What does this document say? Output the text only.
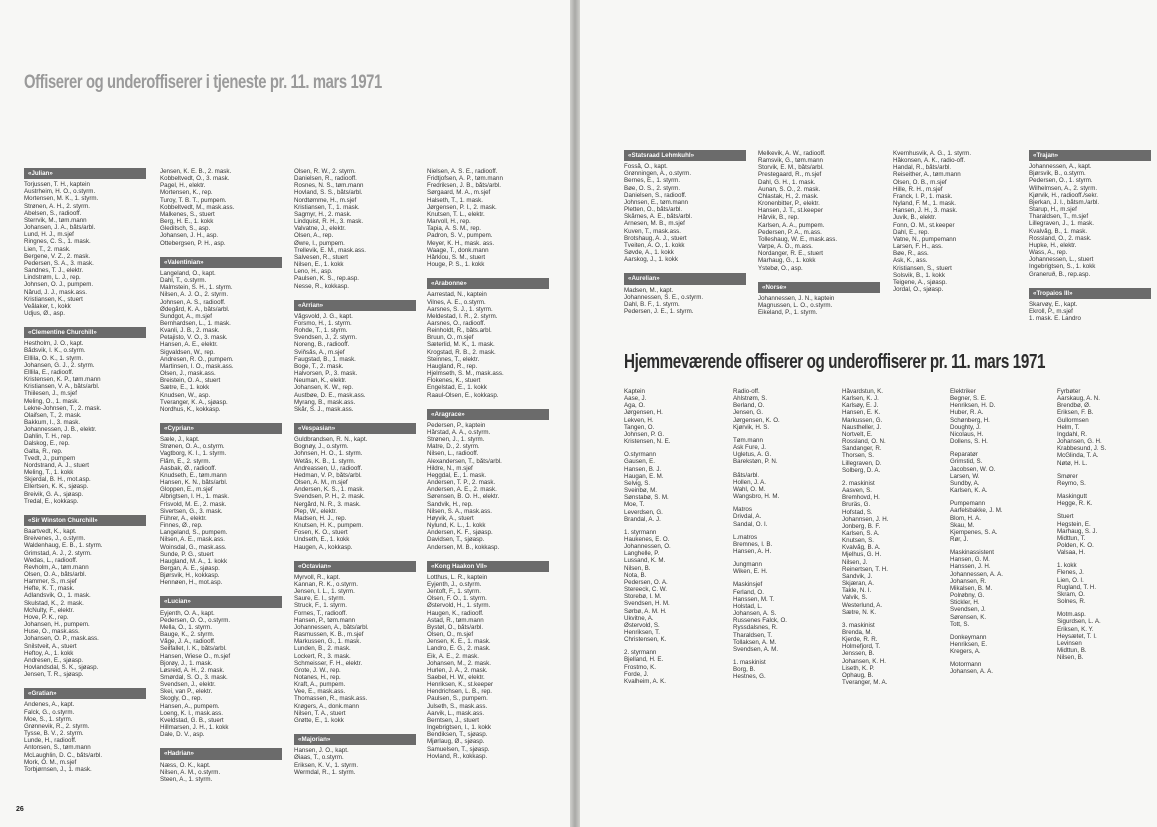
Offiserer og underoffiserer i tjeneste pr. 11. mars 1971
«Julian»
Torjussen, T. H., kaptein
Austrheim, H. O., o.styrm.
Mortensen, M. K., 1. styrm.
Strønen, A. H., 2. styrm.
Abelsen, S., radiooff.
Sterrvik, M., tøm.mann
Johansen, J. A., båts/arbl.
Lund, H. J., m.sjef
Ringnes, C. S., 1. mask.
Lien, T., 2. mask.
Bergene, V. Z., 2. mask.
Pedersen, S. A., 3. mask.
Sandnes, T. J., elektr.
Lindstrøm, L. J., rep.
Johnsen, O. J., pumpem.
Nårud, J. J., mask.ass.
Kristiansen, K., stuert
Veålaker, t., kokk
Udjus, Ø., asp.
«Clementine Churchill»
Hestholm, J. O., kapt.
Bådsvik, I. K., o.styrm.
Elllila, O. K., 1. styrm.
Johansen, G. J., 2. styrm.
Elllila, E., radiooff.
Kristensen, K. P., tøm.mann
Kristiansen, V. A., båts/arbl.
Thiilesen, J., m.sjef
Meling, O., 1. mask.
Lekne-Johnsen, T., 2. mask.
Olaifsen, T., 2. mask.
Bakkum, I., 3. mask.
Johannessen, J. B., elektr.
Dahlin, T. H., rep.
Dalskog, E., rep.
Galta, R., rep.
Tvedt, J., pumpem
Nordstrand, A. J., stuert
Meling, T., 1. kokk
Skjerdal, B. H., mot.asp.
Ellertsen, K. K., sjøasp.
Breivik, G. A., sjøasp.
Tredal, E., kokkasp.
«Sir Winston Churchill»
Baartvedt, K., kapt.
Breivenes, J., o.styrm.
Waldenhaug, E. B., 1. styrm.
Grimstad, A. J., 2. styrm.
Wedas, L., radiooff.
Revholm, A., tøm.mann
Olsen, O. A., båts/arbl.
Hammer, S., m.sjef
Hefte, K. T., mask.
Adlandsvik, O., 1. mask.
Skulstad, K., 2. mask.
McNulty, F., elektr.
Hove, P. K., rep.
Johansen, H., pumpem.
Huse, O., mask.ass.
Johansen, O. P., mask.ass.
Snilstveit, A., stuert
Heftoy, A., 1. kokk
Andresen, E., sjøasp.
Hovlandsdal, S. K., sjøasp.
Jensen, T. R., sjøasp.
«Gratian»
Andenes, A., kapt.
Falck, G., o.styrm.
Moe, S., 1. styrm.
Grønnevik, R., 2. styrm.
Tysse, B. V., 2. styrm.
Lunde, H., radiooff.
Antonsen, S., tøm.mann
McLaughlin, D. C., båts/arbl.
Mork, O. M., m.sjef
Torbjørnsen, J., 1. mask.
Jensen, K. E. B., 2. mask.
Kobbeltvedt, O., 3. mask.
Pagel, H., elektr.
Mortensen, K., rep.
Turoy, T. B. T., pumpem.
Kobbeltvedt, M., mask.ass.
Malkenes, S., stuert
Berg, H. E., 1. kokk
Gleditsch, S., asp.
Johansen, J. H., asp.
Ottebergsen, P. H., asp.
«Valentinian»
Langeland, O., kapt.
Dahl, T., o.styrm.
Malmstein, S. H., 1. styrm.
Nilsen, A. J. O., 2. styrm.
Johnsen, A. S., radiooff.
Ødegård, K. A., båts/arbl.
Sundgot, A., m.sjef
Bernhardsen, L., 1. mask.
Kvanli, J. B., 2. mask.
Petajisto, V. O., 3. mask.
Hansen, A. E., elektr.
Sigvaldsen, W., rep.
Andresen, R. O., pumpem.
Martinsen, I. O., mask.ass.
Olsen, J., mask.ass.
Breistein, O. A., stuert
Sætre, E., 1. kokk
Knudsen, W., asp.
Tveranger, K. A., sjøasp.
Nordhus, K., kokkasp.
«Cyprian»
Sæle, J., kapt.
Strønen, O. A., o.styrm.
Vagtborg, K. I., 1. styrm.
Flåm, E., 2. styrm.
Aasbak, Ø., radiooff.
Knudseth, E., tøm.mann
Hansen, K. N., båts/arbl.
Gloppen, E., m.sjef
Albrigtsen, I. H., 1. mask.
Frisvold, M. E., 2. mask.
Sivertsen, G., 3. mask.
Führer, A., elektr.
Finnes, Ø., rep.
Langeland, S., pumpem.
Nilsen, A. E., mask.ass.
Woinsdal, G., mask.ass.
Sunde, P. G., stuert
Haugland, M. A., 1. kokk
Bergan, A. E., sjøasp.
Bjørsvik, H., kokkasp.
Hennøen, H., mot.asp.
«Lucian»
Eyjenth, O. A., kapt.
Pedersen, O. O., o.styrm.
Mella, O., 1. styrm.
Bauge, K., 2. styrm.
Våge, J. A., radiooff.
Seilfallet, I. K., båts/arbl.
Hansen, Wiese O., m.sjef
Bjorøy, J., 1. mask.
Løsreid, A. H., 2. mask.
Smørdal, S. O., 3. mask.
Svendsen, J., elektr.
Skei, van P., elektr.
Skogly, O., rep.
Hansen, A., pumpem.
Loeng, K. I., mask.ass.
Kveldstad, G. B., stuert
Hillmarsen, J. H., 1. kokk
Dale, D. V., asp.
«Hadrian»
Næss, O. K., kapt.
Nilsen, A. M., o.styrm.
Steen, A., 1. styrm.
Olsen, R. W., 2. styrm.
Danielsen, R., radiooff.
Rosnes, N. S., tøm.mann
Hovland, S. S., båts/arbl.
Nordtømme, H., m.sjef
Kristiansen, T., 1. mask.
Sagmyr, H., 2. mask.
Lindquist, R. H., 3. mask.
Valvatne, J., elektr.
Olsen, A., rep.
Øwre, I., pumpem.
Trellevik, E. M., mask.ass.
Salvesen, R., stuert
Nilsen, E., 1. kokk
Leno, H., asp.
Paulsen, K. S., rep.asp.
Nesse, R., kokkasp.
«Arrian»
Vågsvold, J. G., kapt.
Forsmo, H., 1. styrm.
Rohde, T., 1. styrm.
Svendsen, J., 2. styrm.
Noreng, B., radiooff.
Sviňsås, A., m.sjef
Faugstad, B., 1. mask.
Boge, T., 2. mask.
Halvorsen, P., 3. mask.
Neuman, K., elektr.
Johansen, K. W., rep.
Austbøe, D. E., mask.ass.
Myrang, B., mask.ass.
Skår, S. J., mask.ass.
«Vespasian»
Guldbrandsen, R. N., kapt.
Bognøy, J., o.styrm.
Johnsen, H. O., 1. styrm.
Wetås, K. B., 1. styrm.
Andreassen, U., radiooff.
Hedman, V. P., båts/arbl.
Olsen, A. M., m.sjef
Andersen, K. S., 1. mask.
Svendsen, P. H., 2. mask.
Nergård, N. R., 3. mask.
Plep, W., elektr.
Madsen, H. J., rep.
Knutsen, H. K., pumpem.
Fosen, K. O., stuert
Undseth, E., 1. kokk
Haugen, A., kokkasp.
«Octavian»
Myrvoll, R., kapt.
Kannan, R. K., o.styrm.
Jensen, I. L., 1. styrm.
Saure, E. I., styrm.
Struck, F., 1. styrm.
Fornes, T., radiooff.
Hansen, P., tøm.mann
Johannessen, A., båts/arbl.
Rasmussen, K. B., m.sjef
Markussen, G., 1. mask.
Lunden, B., 2. mask.
Lockert, R., 3. mask.
Schmeisser, F. H., elektr.
Grote, J. W., rep.
Notanes, H., rep.
Kraft, A., pumpem.
Vee, E., mask.ass.
Thomassen, R., mask.ass.
Krøgers, A., donk.mann
Nilsen, T. A., stuert
Grøtte, E., 1. kokk
«Majorian»
Hansen, J. O., kapt.
Øiaas, T., o.styrm.
Eriksen, K. V., 1. styrm.
Wermdal, R., 1. styrm.
Nielsen, A. S. E., radiooff.
Fridtjofsen, A. P., tøm.mann
Fredriksen, J. B., båts/arbl.
Sørgaard, M. A., m.sjef
Halseth, T., 1. mask.
Jørgensen, P. I., 2. mask.
Knutsen, T. L., elektr.
Marvoll, H., rep.
Tapia, A. S. M., rep.
Padron, S. V., pumpem.
Meyer, K. H., mask. ass.
Waage, T., donk.mann
Hårklou, S. M., stuert
Houge, P. S., 1. kokk
«Arabonne»
Aarrestad, N., kaptein
Vilnes, A. E., o.styrm.
Aarsnes, S. J., 1. styrm.
Meldestad, I. R., 2. styrm.
Aarsnes, O., radiooff.
Reinholdt, R., båts.arbl.
Bruun, O., m.sjef
Sæterlid, M. K., 1. mask.
Krogstad, R. B., 2. mask.
Steinnes, T., elektr.
Haugland, R., rep.
Hjelmseth, S. M., mask.ass.
Flokenes, K., stuert
Engelstad, E., 1. kokk
Raaul-Olsen, E., kokkasp.
«Aragrace»
Pedersen, P., kaptein
Hårstad, A. A., o.styrm.
Strønen, J., 1. styrm.
Matre, D., 2. styrm.
Nilsen, L., radiooff.
Alexandersen, T., båts/arbl.
Hildre, N., m.sjef
Heggdal, E., 1. mask.
Andersen, T. P., 2. mask.
Andersen, A. E., 2. mask.
Sørensen, B. O. H., elektr.
Sandvik, H., rep.
Nilsen, S. A., mask.ass.
Høyvik, A., stuert
Nylund, K. L., 1. kokk
Andersen, K. F., sjøasp.
Davidsen, T., sjøasp.
Andersen, M. B., kokkasp.
«Kong Haakon VII»
Lotthus, L. R., kaptein
Eyjenth, J., o.styrm.
Jentoft, F., 1. styrm.
Olsen, F. O., 1. styrm.
Østervold, H., 1. styrm.
Haugen, K., radiooff.
Astad, R., tøm.mann
Bystøl, O., båts/arbl.
Olsen, O., m.sjef
Jensen, K. E., 1. mask.
Landro, E. G., 2. mask.
Eik, A. E., 2. mask.
Johansen, M., 2. mask.
Hurlen, J. A., 2. mask.
Saebel, H. W., elektr.
Henriksen, K., st.keeper
Hendrichsen, L. B., rep.
Paulsen, S., pumpem.
Julseth, S., mask.ass.
Aarvik, L., mask.ass.
Berntsen, J., stuert
Ingebrigtsen, I., 1. kokk
Bendiksen, T., sjøasp.
Mjørlaug, Ø., sjøasp.
Samuelsen, T., sjøasp.
Hovland, R., kokkasp.
26
«Statsraad Lehmkuhl»
Fosså, O., kapt.
Grønningen, A., o.styrm.
Bernes, E., 1. styrm.
Bøe, O. S., 2. styrm.
Danielsen, S., radiooff.
Johnsen, E., tøm.mann
Pletten, O., båts/arbl.
Skårnes, A. E., båts/arbl.
Arnesen, M. B., m.sjef
Kuven, T., mask.ass.
Brotshaug, A. J., stuert
Tveiten, A. O., 1. kokk
Søvde, A., 1. kokk
Aarskog, J., 1. kokk
«Aurelian»
Madsen, M., kapt.
Johannessen, S. E., o.styrm.
Dahl, B. F., 1. styrm.
Pedersen, J. E., 1. styrm.
Melkevik, A. W., radiooff.
Ramsvik, G., tøm.mann
Storvik, E. M., båts/arbl.
Prestegaard, R., m.sjef
Dahl, G. H., 1. mask.
Aunan, S. O., 2. mask.
Chlastak, H., 2. mask.
Kronenbitter, P., elektr.
Hansen, J. T., st.keeper
Hårvik, B., rep.
Karlsen, A. A., pumpem.
Pedersen, P. A., m.ass.
Tolleshaug, W. E., mask.ass.
Varpe, A. O., m.ass.
Nordanger, R. E., stuert
Marhaug, G., 1. kokk
Ystebø, O., asp.
«Norse»
Johannessen, J. N., kaptein
Magnussen, L. O., o.styrm.
Eikeland, P., 1. styrm.
Kvernhusvik, A. G., 1. styrm.
Håkonsen, A. K., radio-off.
Handal, R., båts/arbl.
Reiseither, A., tøm.mann
Olsen, O. B., m.sjef
Hille, R. H., m.sjef
Franck, I. P., 1. mask.
Nyland, F. M., 1. mask.
Hansen, J. H., 3. mask.
Juvik, B., elektr.
Fonn, O. M., st.keeper
Dahl, E., rep.
Vatne, N., pumpemann
Larsen, F. H., ass.
Bøe, R., ass.
Ask, K., ass.
Kristiansen, S., stuert
Solsvik, B., 1. kokk
Teigene, A., sjøasp.
Jordal, O., sjøasp.
«Trajan»
Johannessen, A., kapt.
Bjørsvik, B., o.styrm.
Pedersen, O., 1. styrm.
Wilhelmsen, A., 2. styrm.
Kjørvik, H., radiooff./sekr.
Bjerkan, J. I., båtsm./arbl.
Starup, H., m.sjef
Tharaldsen, T., m.sjef
Lillegraven, J., 1. mask.
Kvalvåg, B., 1. mask.
Rossland, O., 2. mask.
Hupke, H., elektr.
Wass, A., rep.
Johannessen, L., stuert
Ingebrigtsen, S., 1. kokk
Graneruð, B., rep.asp.
«Tropaios III»
Skarvøy, E., kapt.
Ekroll, P., m.sjef
1. mask. E. Landro
Hjemmeværende offiserer og underoffiserer pr. 11. mars 1971
Kaptein
Aase, J.
Aga, O.
Jørgensen, H.
Lekven, H.
Tangen, O.
Johnsen, P. G.
Kristensen, N. E.
O.styrmann
Gausen, E.
Hansen, B. J.
Haugan, E. M.
Selvig, S.
Sveinbø, M.
Sønstabø, S. M.
Moe, T.
Leverdsen, G.
Brandal, A. J.
1. styrmann
Haukenes, E. O.
Johannessen, O.
Langhelle, P.
Lussand, K. M.
Nilsen, B.
Nota, B.
Pedersen, O. A.
Stereeck, C. W.
Storebø, I. M.
Svendsen, H. M.
Sørbø, A. M. H.
Ukvitne, A.
Østervold, S.
Henriksen, T.
Christensen, K.
2. styrmann
Bjelland, H. E.
Frostmo, K.
Forde, J.
Kvalheim, A. K.
Radio-off.
Ahlstrøm, S.
Berland, O.
Jensen, G.
Jørgensen, K. O.
Kjørvik, H. S.
Tøm.mann
Ask Fure, J.
Ugletus, A. G.
Barekstøn, P. N.
Båts/arbl.
Hollen, J. A.
Wahl, O. M.
Wangsbro, H. M.
Matros
Drivdal, A.
Sandal, O. I.
L.matros
Bremnes, I. B.
Hansen, A. H.
Jungmann
Wiken, E. H.
Maskinsjef
Ferland, O.
Hanssen, M. T.
Holstad, L.
Johansen, A. S.
Russenes Falck, O.
Ryssdalsnes, R.
Tharaldsen, T.
Tollaksen, A. M.
Svendsen, A. M.
1. maskinist
Borg, B.
Hestnes, G.
Håvardstun, K.
Karlsen, K. J.
Karlsøy, E. J.
Hansen, E. K.
Markussen, G.
Naustheller, J.
Nortvelt, E.
Rossland, O. N.
Sandanger, R.
Thorsen, S.
Lillegraven, D.
Solberg, D. A.
2. maskinist
Aasven, S.
Bremhovd, H.
Bruräs, G.
Hofstad, S.
Johannsen, J. H.
Jonberg, B. F.
Karlsen, S. A.
Knutsen, S.
Kvalvåg, B. A.
Mjelhus, G. H.
Nilsen, J.
Reinertsen, T. H.
Sandvik, J.
Skjæran, A.
Takle, N. I.
Valvik, S.
Westerlund, A.
Sætre, N. K.
3. maskinist
Brenda, M.
Kjerde, R. R.
Holmefjord, T.
Jenssen, B.
Johansen, K. H.
Liseth, K. P.
Ophaug, B.
Tveranger, M. A.
Elektriker
Begner, S. E.
Henriksen, H. D.
Huber, R. A.
Schønberg, H.
Doughty, J.
Nicolaus, H.
Dollens, S. H.
Reparatør
Grimstid, S.
Jacobsen, W. O.
Larsen, W.
Sundby, A.
Karlsen, K. A.
Pumpemann
Aarfelsbakke, J. M.
Blom, H. A.
Skau, M.
Kjempenes, S. A.
Rør, J.
Maskinassistent
Hansen, G. M.
Hanssen, J. H.
Johannessen, A. A.
Johansen, R.
Mikalsen, B. M.
Polrøbny, G.
Stickler, H.
Svendsen, J.
Sørensen, K.
Tott, S.
Donkeymann
Henriksen, E.
Kregers, A.
Motormann
Johansen, A. A.
Fyrbøter
Aarskaug, A. N.
Brendbø, Ø.
Eriksen, F. B.
Gullormsen
Helm, T.
Ingdahl, R.
Johansen, G. H.
Krabbesund, J. S.
McGlinda, T. A.
Nøtø, H. L.
Smører
Reymo, S.
Maskingutt
Hegge, R. K.
Stuert
Hegstein, E.
Marhaug, S. J.
Midttun, T.
Polden, K. O.
Valsaa, H.
1. kokk
Flenes, J.
Lien, O. I.
Rugland, T. H.
Skram, O.
Solnes, R.
Motm.asp.
Sigurdsen, L. A.
Eriksen, K. Y.
Heysætet, T. I.
Levinsen
Midttun, B.
Nilsen, B.
